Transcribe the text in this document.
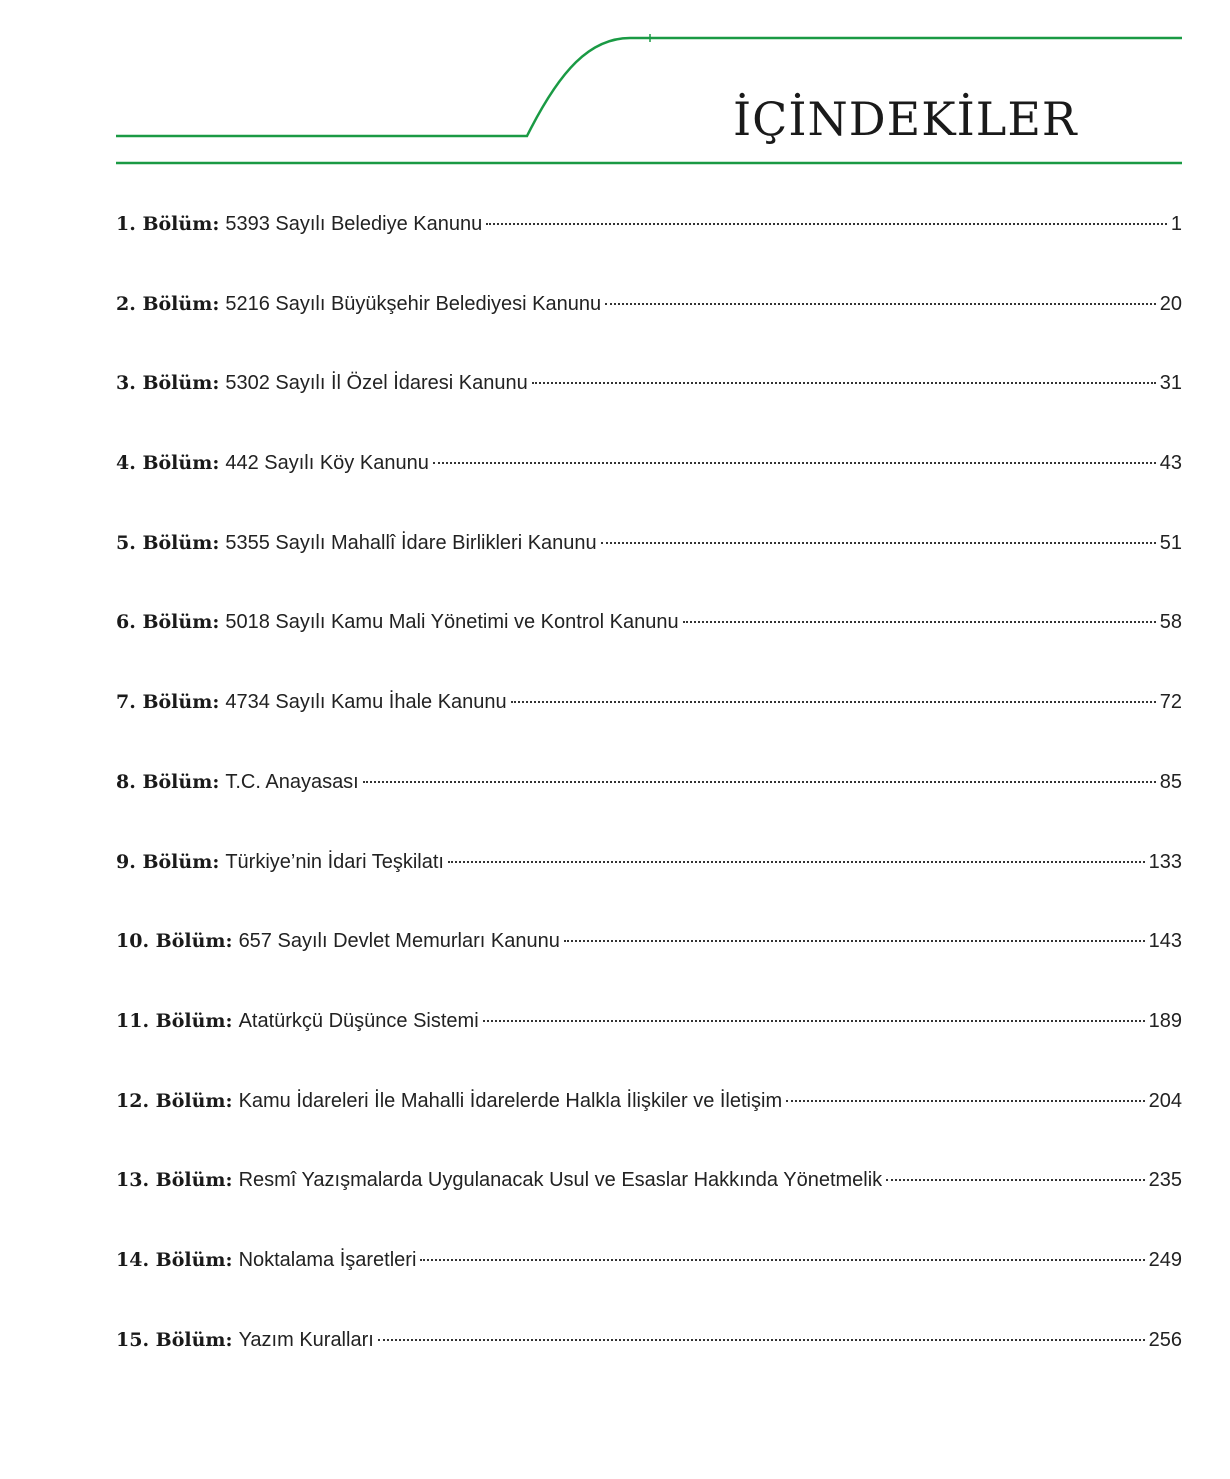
İÇİNDEKİLER
1. Bölüm: 5393 Sayılı Belediye Kanunu	1
2. Bölüm: 5216 Sayılı Büyükşehir Belediyesi Kanunu	20
3. Bölüm: 5302 Sayılı İl Özel İdaresi Kanunu	31
4. Bölüm: 442 Sayılı Köy Kanunu	43
5. Bölüm: 5355 Sayılı Mahallî İdare Birlikleri Kanunu	51
6. Bölüm: 5018 Sayılı Kamu Mali Yönetimi ve Kontrol Kanunu	58
7. Bölüm: 4734 Sayılı Kamu İhale Kanunu	72
8. Bölüm: T.C. Anayasası	85
9. Bölüm: Türkiye’nin İdari Teşkilatı	133
10. Bölüm: 657 Sayılı Devlet Memurları Kanunu	143
11. Bölüm: Atatürkçü Düşünce Sistemi	189
12. Bölüm: Kamu İdareleri İle Mahalli İdarelerde Halkla İlişkiler ve İletişim	204
13. Bölüm: Resmî Yazışmalarda Uygulanacak Usul ve Esaslar Hakkında Yönetmelik	235
14. Bölüm: Noktalama İşaretleri	249
15. Bölüm: Yazım Kuralları	256
